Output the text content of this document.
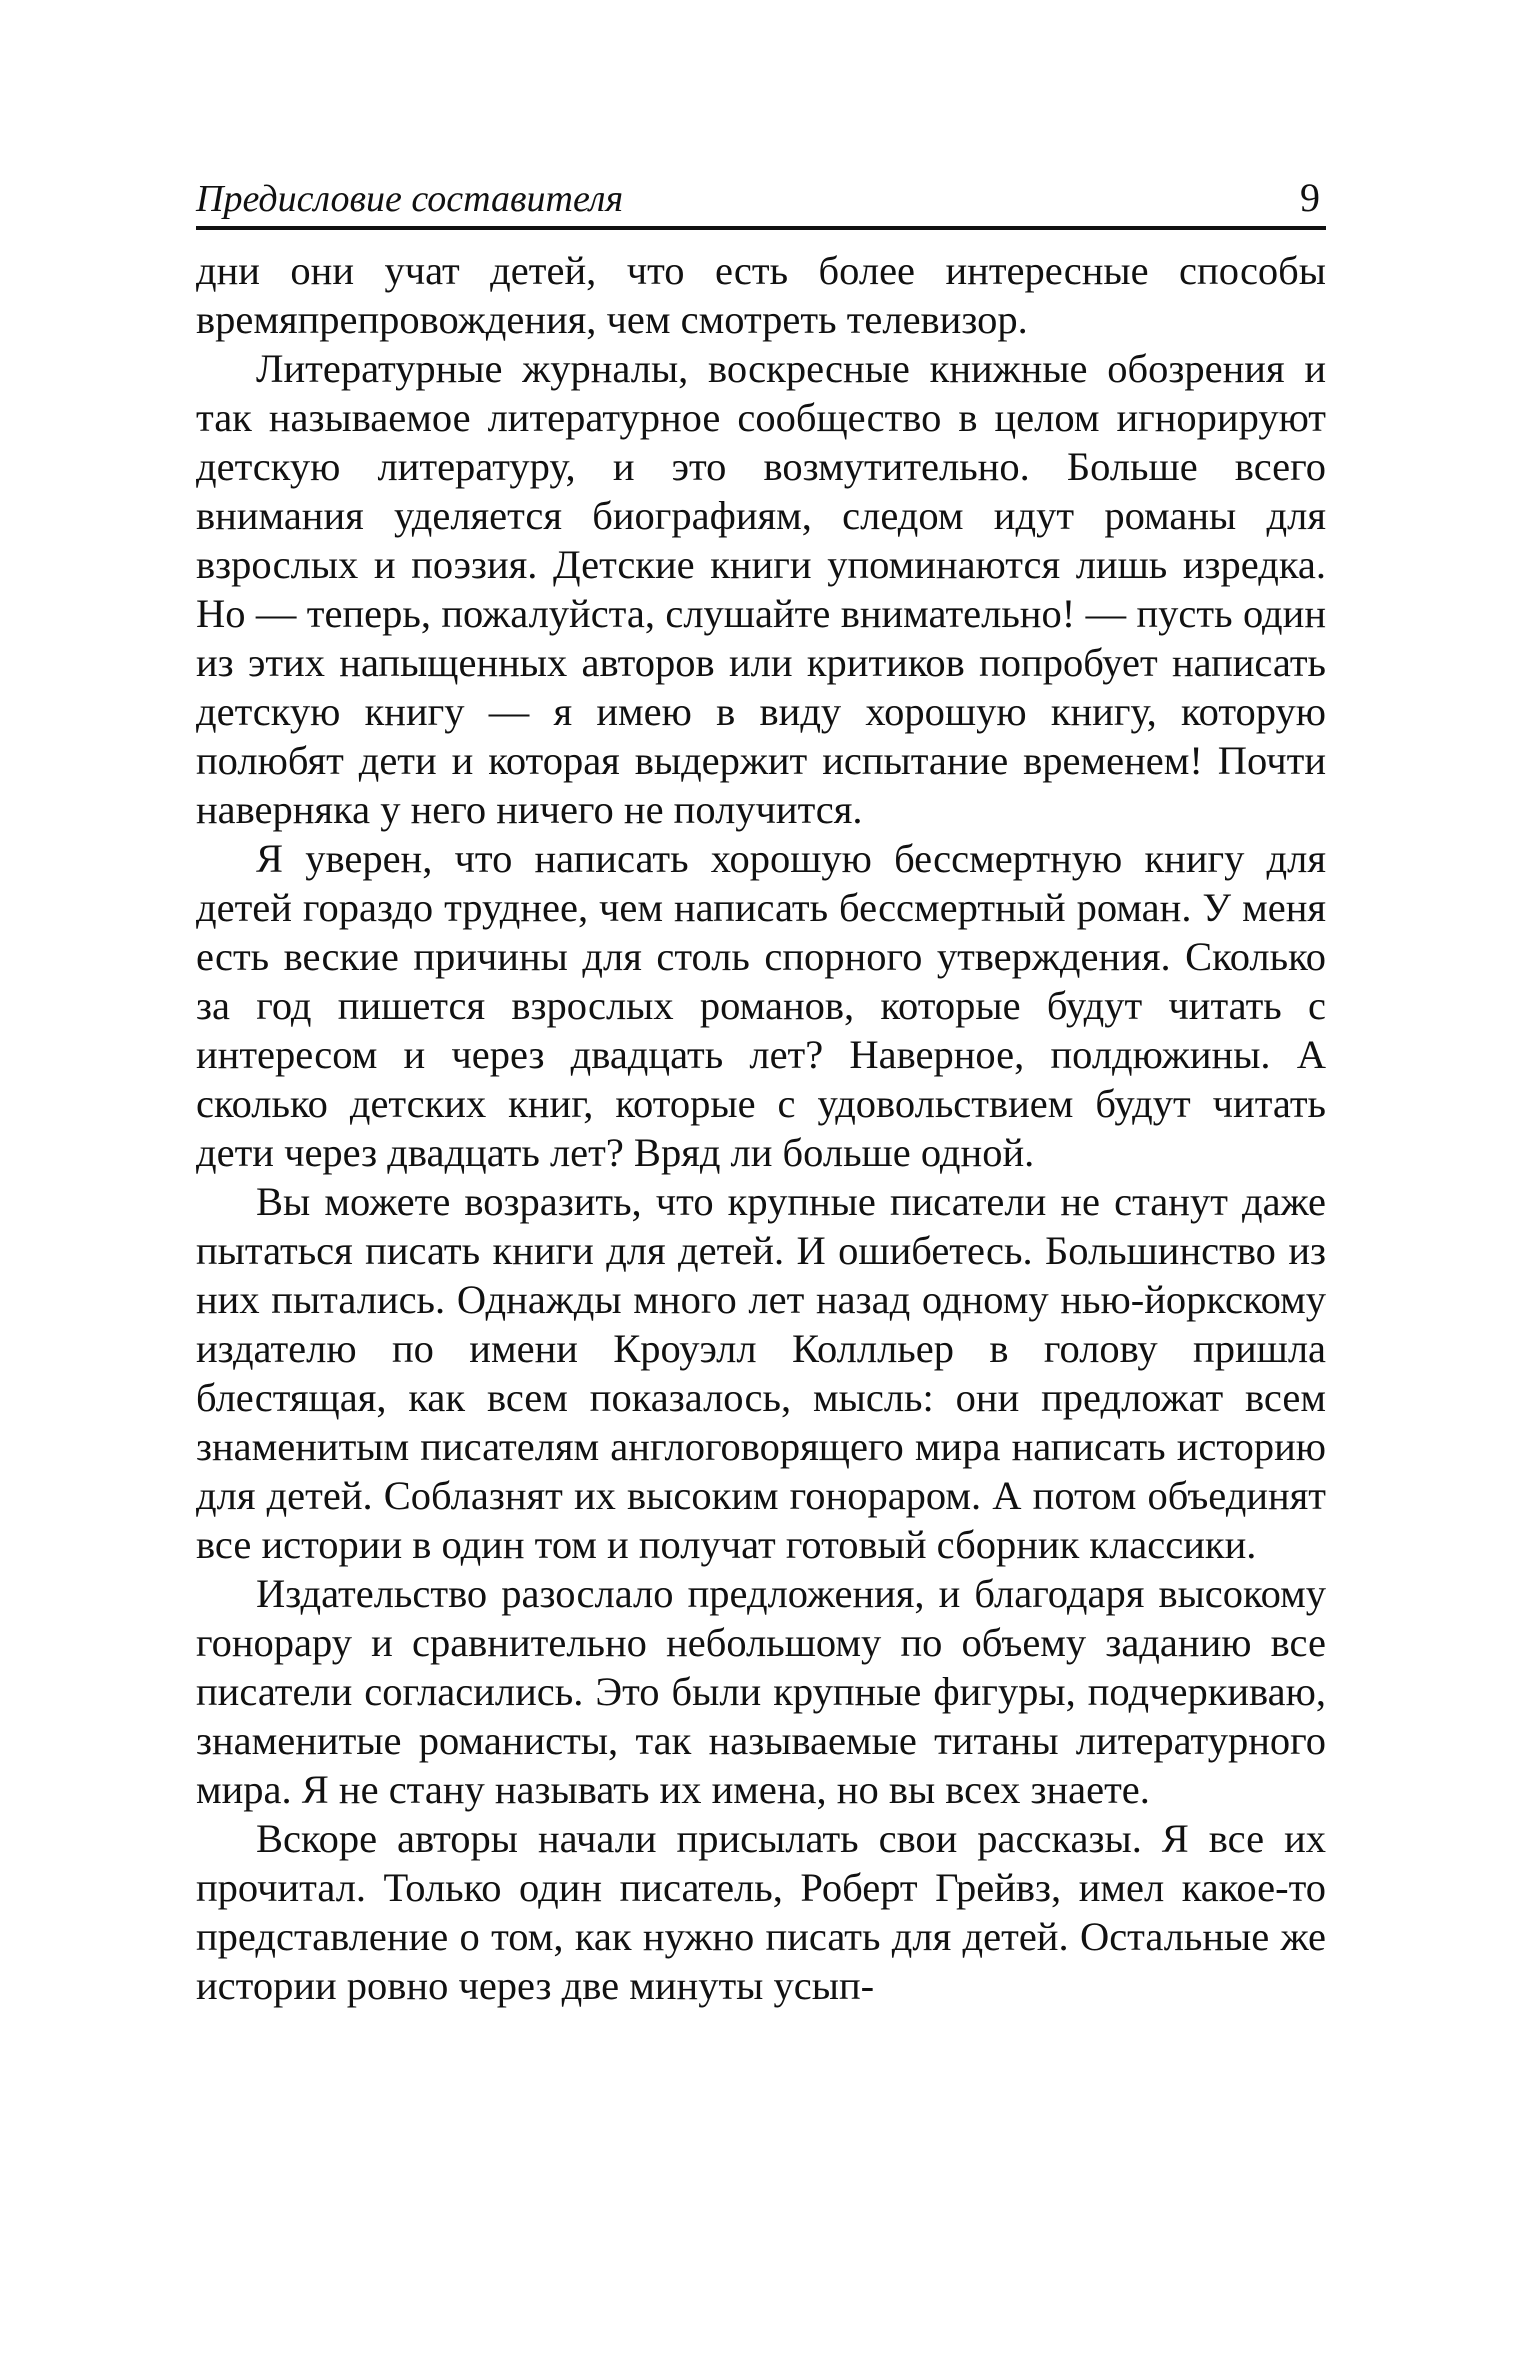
Предисловие составителя	9

дни они учат детей, что есть более интересные способы времяпрепровождения, чем смотреть телевизор.

Литературные журналы, воскресные книжные обозрения и так называемое литературное сообщество в целом игнорируют детскую литературу, и это возмутительно. Больше всего внимания уделяется биографиям, следом идут романы для взрослых и поэзия. Детские книги упоминаются лишь изредка. Но — теперь, пожалуйста, слушайте внимательно! — пусть один из этих напыщенных авторов или критиков попробует написать детскую книгу — я имею в виду хорошую книгу, которую полюбят дети и которая выдержит испытание временем! Почти наверняка у него ничего не получится.

Я уверен, что написать хорошую бессмертную книгу для детей гораздо труднее, чем написать бессмертный роман. У меня есть веские причины для столь спорного утверждения. Сколько за год пишется взрослых романов, которые будут читать с интересом и через двадцать лет? Наверное, полдюжины. А сколько детских книг, которые с удовольствием будут читать дети через двадцать лет? Вряд ли больше одной.

Вы можете возразить, что крупные писатели не станут даже пытаться писать книги для детей. И ошибетесь. Большинство из них пытались. Однажды много лет назад одному нью-йоркскому издателю по имени Кроуэлл Коллльер в голову пришла блестящая, как всем показалось, мысль: они предложат всем знаменитым писателям англоговорящего мира написать историю для детей. Соблазнят их высоким гонораром. А потом объединят все истории в один том и получат готовый сборник классики.

Издательство разослало предложения, и благодаря высокому гонорару и сравнительно небольшому по объему заданию все писатели согласились. Это были крупные фигуры, подчеркиваю, знаменитые романисты, так называемые титаны литературного мира. Я не стану называть их имена, но вы всех знаете.

Вскоре авторы начали присылать свои рассказы. Я все их прочитал. Только один писатель, Роберт Грейвз, имел какое-то представление о том, как нужно писать для детей. Остальные же истории ровно через две минуты усып-
